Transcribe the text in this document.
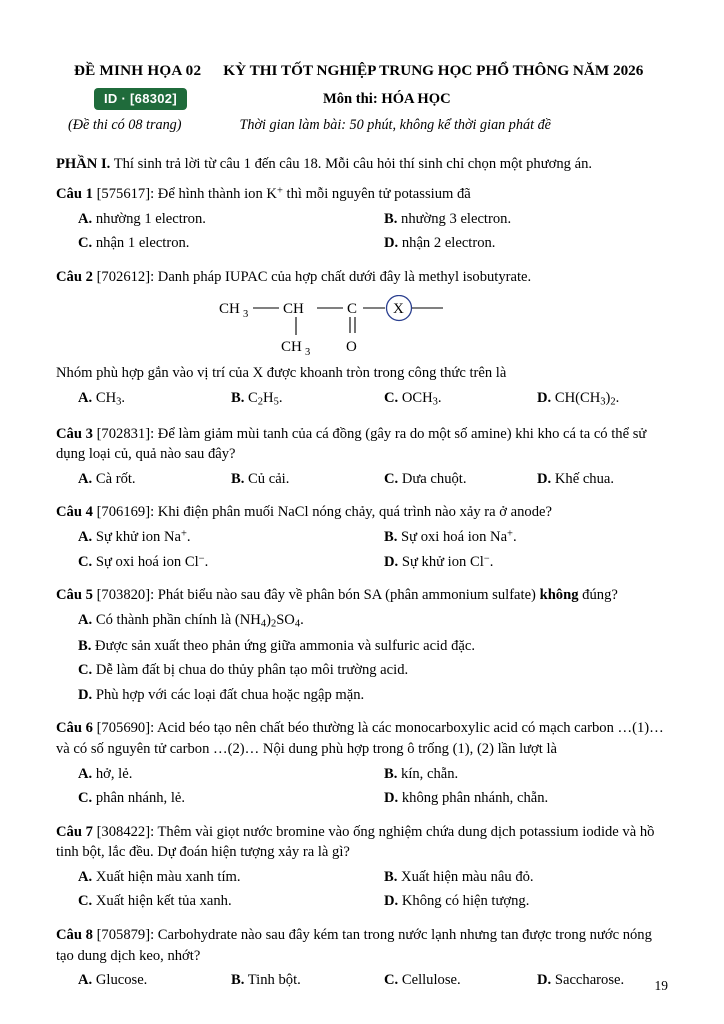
ĐỀ MINH HỌA 02	KỲ THI TỐT NGHIỆP TRUNG HỌC PHỔ THÔNG NĂM 2026
ID · [68302]	Môn thi: HÓA HỌC
(Đề thi có 08 trang)	Thời gian làm bài: 50 phút, không kể thời gian phát đề
PHẦN I. Thí sinh trả lời từ câu 1 đến câu 18. Mỗi câu hỏi thí sinh chỉ chọn một phương án.
Câu 1 [575617]: Để hình thành ion K+ thì mỗi nguyên tử potassium đã
A. nhường 1 electron.	B. nhường 3 electron.
C. nhận 1 electron.	D. nhận 2 electron.
Câu 2 [702612]: Danh pháp IUPAC của hợp chất dưới đây là methyl isobutyrate.
CH 3 CH	C X
CH 3 O
Nhóm phù hợp gắn vào vị trí của X được khoanh tròn trong công thức trên là
A. $CH_3$.	B. $C_2H_5$.	C. $OCH_3$.	D. $CH(CH_3)_2$.
Câu 3 [702831]: Để làm giảm mùi tanh của cá đồng (gây ra do một số amine) khi kho cá ta có thể sử dụng loại củ, quả nào sau đây?
A. Cà rốt.	B. Củ cải.	C. Dưa chuột.	D. Khế chua.
Câu 4 [706169]: Khi điện phân muối NaCl nóng chảy, quá trình nào xảy ra ở anode?
A. Sự khử ion Na+.	B. Sự oxi hoá ion Na+.
C. Sự oxi hoá ion Cl−.	D. Sự khử ion Cl−.
Câu 5 [703820]: Phát biểu nào sau đây về phân bón SA (phân ammonium sulfate) không đúng?
A. Có thành phần chính là $(NH_4)_2SO_4$.
B. Được sản xuất theo phản ứng giữa ammonia và sulfuric acid đặc.
C. Dễ làm đất bị chua do thủy phân tạo môi trường acid.
D. Phù hợp với các loại đất chua hoặc ngập mặn.
Câu 6 [705690]: Acid béo tạo nên chất béo thường là các monocarboxylic acid có mạch carbon …(1)… và có số nguyên tử carbon …(2)… Nội dung phù hợp trong ô trống (1), (2) lần lượt là
A. hở, lẻ.	B. kín, chẵn.
C. phân nhánh, lẻ.	D. không phân nhánh, chẵn.
Câu 7 [308422]: Thêm vài giọt nước bromine vào ống nghiệm chứa dung dịch potassium iodide và hồ tinh bột, lắc đều. Dự đoán hiện tượng xảy ra là gì?
A. Xuất hiện màu xanh tím.	B. Xuất hiện màu nâu đỏ.
C. Xuất hiện kết tủa xanh.	D. Không có hiện tượng.
Câu 8 [705879]: Carbohydrate nào sau đây kém tan trong nước lạnh nhưng tan được trong nước nóng tạo dung dịch keo, nhớt?
A. Glucose.	B. Tinh bột.	C. Cellulose.	D. Saccharose.	19
